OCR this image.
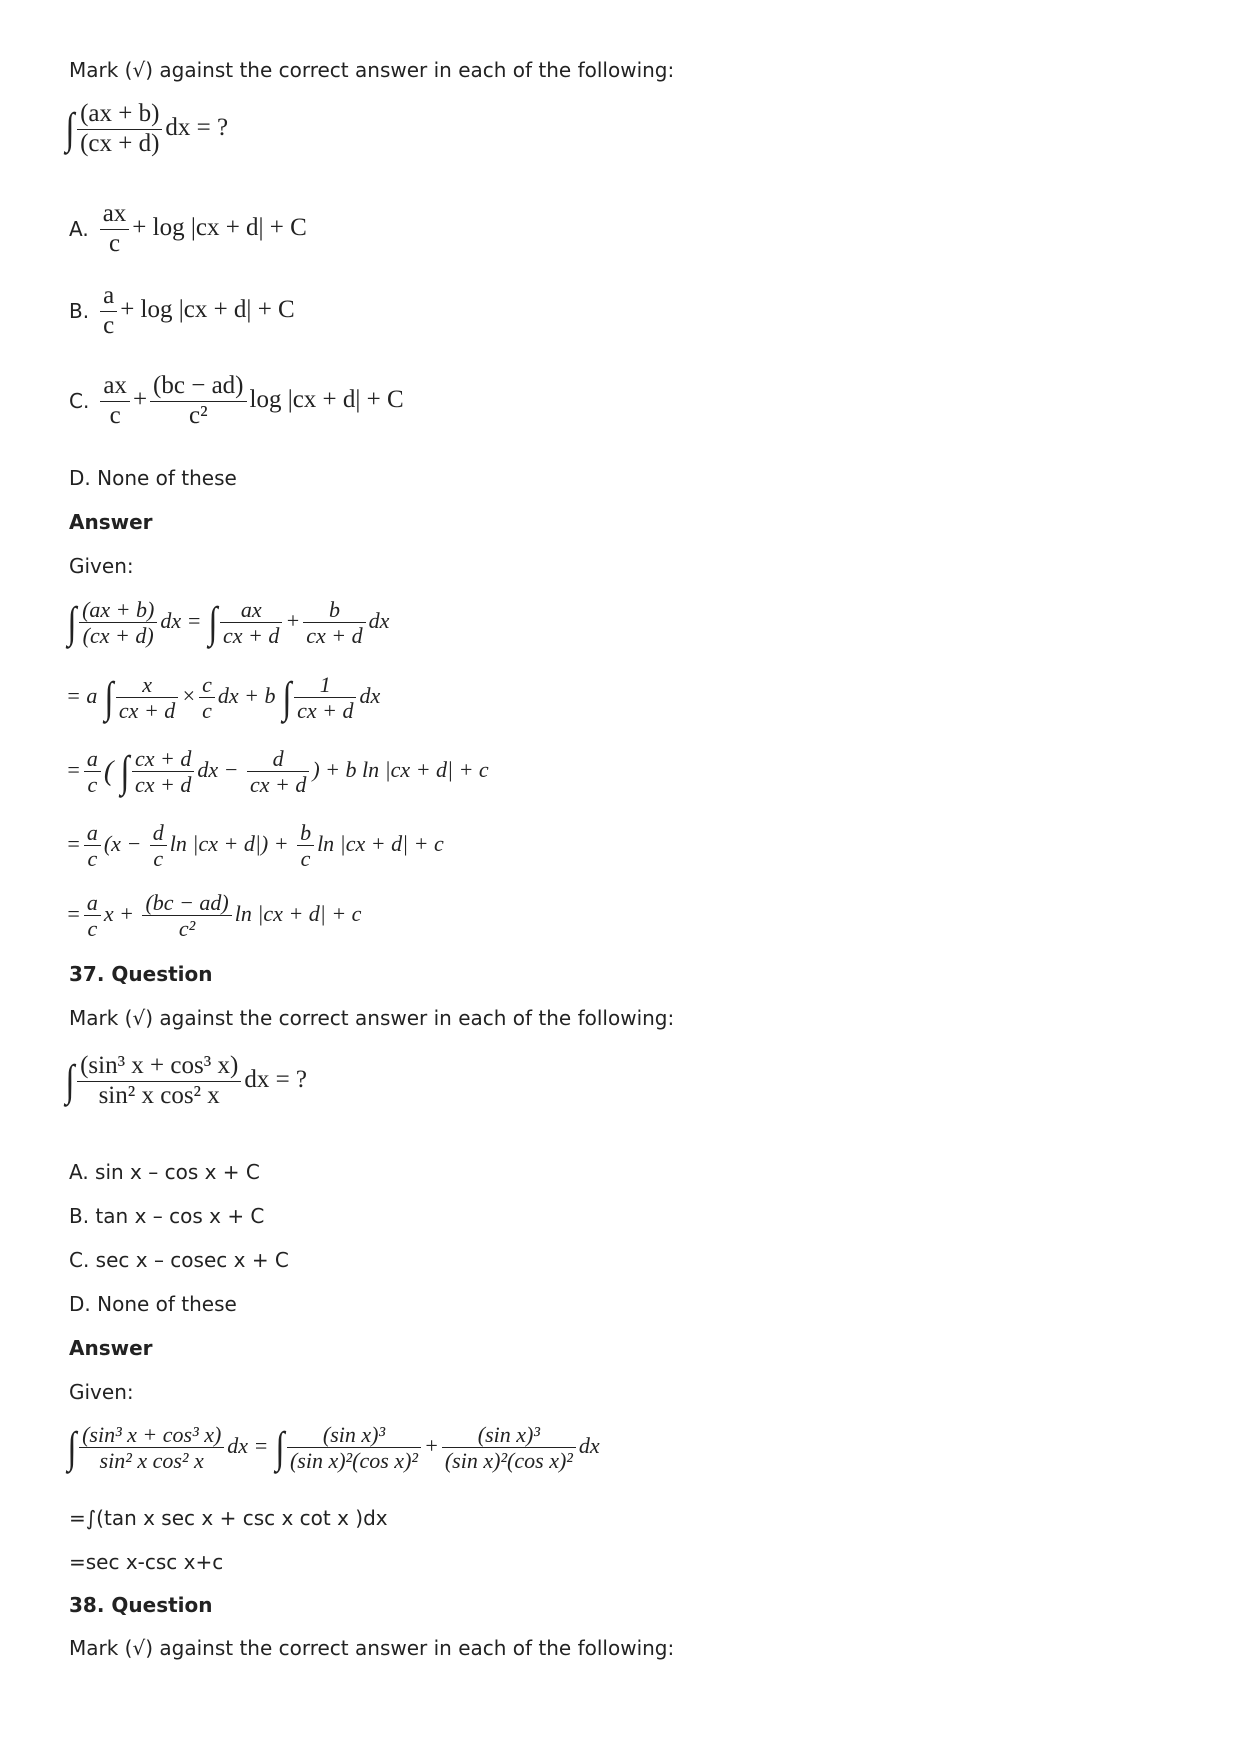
Mark (√) against the correct answer in each of the following:
∫ $\frac{(ax + b)}{(cx + d)}$ dx = ?
A. $\frac{ax}{c} + \log |cx + d| + C$
B. $\frac{a}{c} + \log |cx + d| + C$
C. $\frac{ax}{c} + \frac{(bc - ad)}{\text{c²}}$ log |cx + d| + C
D. None of these
Answer
Given:
∫ $\frac{(ax + b)}{(cx + d)}$ dx = ∫ $\frac{ax}{cx + d} + \frac{b}{cx + d}$ dx
= a ∫ $\frac{x}{cx + d} \times \frac{c}{c}$ dx + b ∫ $\frac{1}{cx + d}$ dx
= $\frac{a}{c}$ ( ∫ $\frac{cx + d}{cx + d}$ dx − $\frac{d}{cx + d}$ ) + b ln |cx + d| + c
= $\frac{a}{c} (x - \frac{d}{c}$ $\ln |cx + d|) + \frac{b}{c}$ ln |cx + d| + c
= $\frac{a}{c}$ $x + \frac{(bc - ad)}{\text{c²}}$ ln |cx + d| + c
37. Question
Mark (√) against the correct answer in each of the following:
∫ $\frac{\text{(sin³ x + cos³ x)}}{\text{sin² x cos² x}}$ dx = ?
A. sin x – cos x + C
B. tan x – cos x + C
C. sec x – cosec x + C
D. None of these
Answer
Given:
∫ $\frac{\text{(sin³ x + cos³ x)}}{\text{sin² x cos² x}}$ dx = ∫ $\frac{\text{(sin x)³}}{\text{(sin x)²(cos x)²}} + \frac{\text{(sin x)³}}{\text{(sin x)²(cos x)²}}$ dx
=∫(tan x sec x + csc x cot x )dx
=sec x-csc x+c
38. Question
Mark (√) against the correct answer in each of the following:
